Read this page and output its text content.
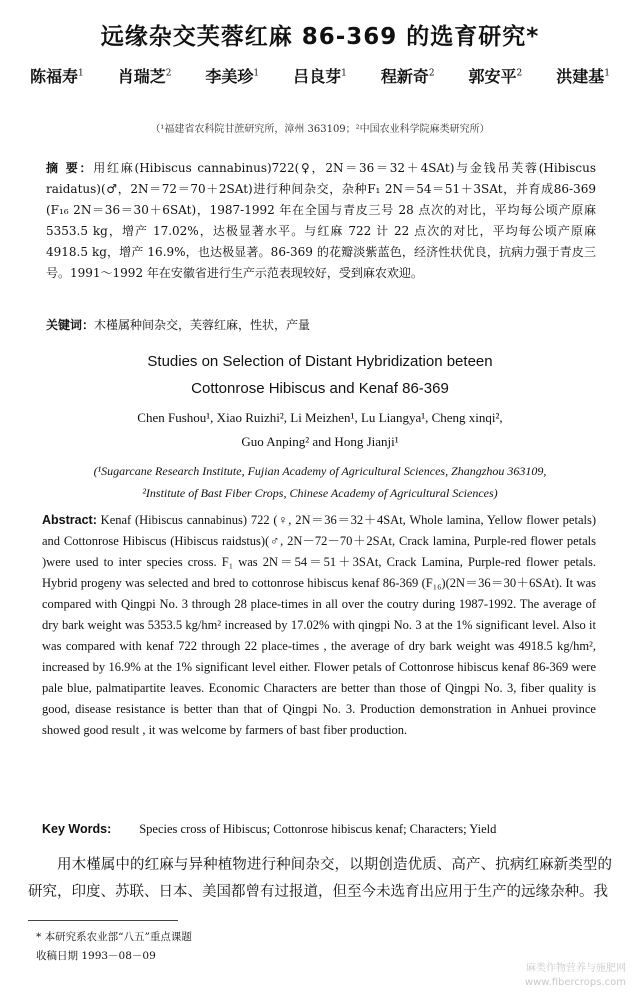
远缘杂交芙蓉红麻 86-369 的选育研究*
陈福寿$^1$ 肖瑞芝$^2$ 李美珍$^1$ 吕良芽$^1$ 程新奇$^2$ 郭安平$^2$ 洪建基$^1$
（¹福建省农科院甘蔗研究所，漳州 363109；²中国农业科学院麻类研究所）
摘 要：用红麻(Hibiscus cannabinus)722(♀，2N＝36＝32＋4SAt)与金钱吊芙蓉(Hibiscus raidatus)(♂，2N＝72＝70＋2SAt)进行种间杂交，杂种F₁ 2N＝54＝51＋3SAt，并育成86-369 (F₁₆ 2N＝36＝30＋6SAt)，1987-1992 年在全国与青皮三号 28 点次的对比，平均每公顷产原麻 5353.5 kg，增产 17.02%，达极显著水平。与红麻 722 计 22 点次的对比，平均每公顷产原麻 4918.5 kg，增产 16.9%，也达极显著。86-369 的花瓣淡紫蓝色，经济性状优良，抗病力强于青皮三号。1991～1992 年在安徽省进行生产示范表现较好，受到麻农欢迎。
关键词：木槿属种间杂交，芙蓉红麻，性状，产量
Studies on Selection of Distant Hybridization beteen
Cottonrose Hibiscus and Kenaf 86-369
Chen Fushou¹, Xiao Ruizhi², Li Meizhen¹, Lu Liangya¹, Cheng xinqi²,
Guo Anping² and Hong Jianji¹
(¹Sugarcane Research Institute, Fujian Academy of Agricultural Sciences, Zhangzhou 363109,
²Institute of Bast Fiber Crops, Chinese Academy of Agricultural Sciences)
Abstract: Kenaf (Hibiscus cannabinus) 722 (♀, 2N＝36＝32＋4SAt, Whole lamina, Yellow flower petals) and Cottonrose Hibiscus (Hibiscus raidstus)(♂, 2N－72－70＋2SAt, Crack lamina, Purple-red flower petals )were used to inter species cross. F₁ was 2N＝54＝51＋3SAt, Crack Lamina, Purple-red flower petals. Hybrid progeny was selected and bred to cottonrose hibiscus kenaf 86-369 (F₁₆)(2N＝36＝30＋6SAt). It was compared with Qingpi No. 3 through 28 place-times in all over the coutry during 1987-1992. The average of dry bark weight was 5353.5 kg/hm² increased by 17.02% with qingpi No. 3 at the 1% significant level. Also it was compared with kenaf 722 through 22 place-times , the average of dry bark weight was 4918.5 kg/hm², increased by 16.9% at the 1% significant level either. Flower petals of Cottonrose hibiscus kenaf 86-369 were pale blue, palmatipartite leaves. Economic Characters are better than those of Qingpi No. 3, fiber quality is good, disease resistance is better than that of Qingpi No. 3. Production demonstration in Anhuei province showed good result , it was welcome by farmers of bast fiber production.
Key Words: Species cross of Hibiscus; Cottonrose hibiscus kenaf; Characters; Yield
用木槿属中的红麻与异种植物进行种间杂交，以期创造优质、高产、抗病红麻新类型的研究，印度、苏联、日本、美国都曾有过报道，但至今未选育出应用于生产的远缘杂种。我
* 本研究系农业部“八五”重点课题
收稿日期 1993－08－09
麻类作物营养与施肥网
www.fibercrops.com
